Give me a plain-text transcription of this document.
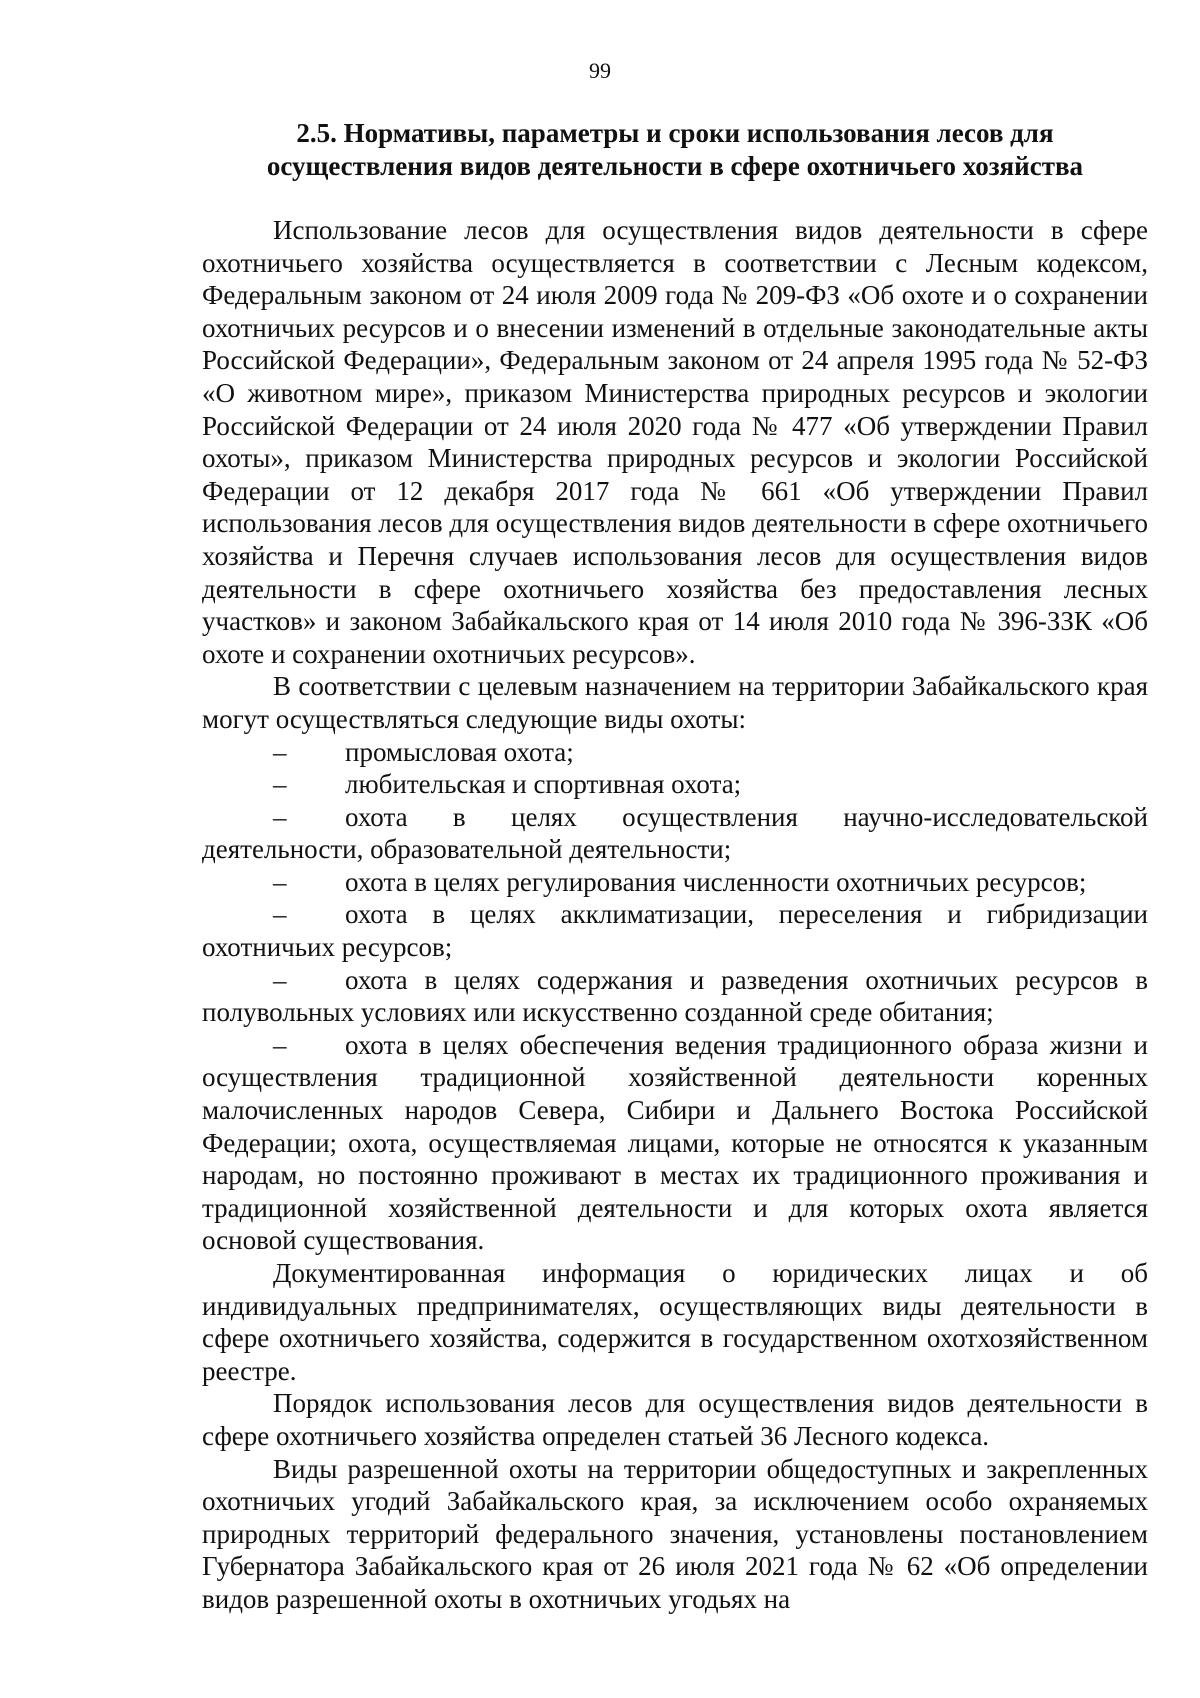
99
2.5. Нормативы, параметры и сроки использования лесов для
осуществления видов деятельности в сфере охотничьего хозяйства

Использование лесов для осуществления видов деятельности в сфере охотничьего хозяйства осуществляется в соответствии с Лесным кодексом, Федеральным законом от 24 июля 2009 года № 209-ФЗ «Об охоте и о сохранении охотничьих ресурсов и о внесении изменений в отдельные законодательные акты Российской Федерации», Федеральным законом от 24 апреля 1995 года № 52-ФЗ «О животном мире», приказом Министерства природных ресурсов и экологии Российской Федерации от 24 июля 2020 года № 477 «Об утверждении Правил охоты», приказом Министерства природных ресурсов и экологии Российской Федерации от 12 декабря 2017 года № 661 «Об утверждении Правил использования лесов для осуществления видов деятельности в сфере охотничьего хозяйства и Перечня случаев использования лесов для осуществления видов деятельности в сфере охотничьего хозяйства без предоставления лесных участков» и законом Забайкальского края от 14 июля 2010 года № 396-ЗЗК «Об охоте и сохранении охотничьих ресурсов».

В соответствии с целевым назначением на территории Забайкальского края могут осуществляться следующие виды охоты:

– промысловая охота;

– любительская и спортивная охота;

– охота в целях осуществления научно-исследовательской деятельности, образовательной деятельности;

– охота в целях регулирования численности охотничьих ресурсов;

– охота в целях акклиматизации, переселения и гибридизации охотничьих ресурсов;

– охота в целях содержания и разведения охотничьих ресурсов в полувольных условиях или искусственно созданной среде обитания;

– охота в целях обеспечения ведения традиционного образа жизни и осуществления традиционной хозяйственной деятельности коренных малочисленных народов Севера, Сибири и Дальнего Востока Российской Федерации; охота, осуществляемая лицами, которые не относятся к указанным народам, но постоянно проживают в местах их традиционного проживания и традиционной хозяйственной деятельности и для которых охота является основой существования.

Документированная информация о юридических лицах и об индивидуальных предпринимателях, осуществляющих виды деятельности в сфере охотничьего хозяйства, содержится в государственном охотхозяйственном реестре.

Порядок использования лесов для осуществления видов деятельности в сфере охотничьего хозяйства определен статьей 36 Лесного кодекса.

Виды разрешенной охоты на территории общедоступных и закрепленных охотничьих угодий Забайкальского края, за исключением особо охраняемых природных территорий федерального значения, установлены постановлением Губернатора Забайкальского края от 26 июля 2021 года № 62 «Об определении видов разрешенной охоты в охотничьих угодьях на
